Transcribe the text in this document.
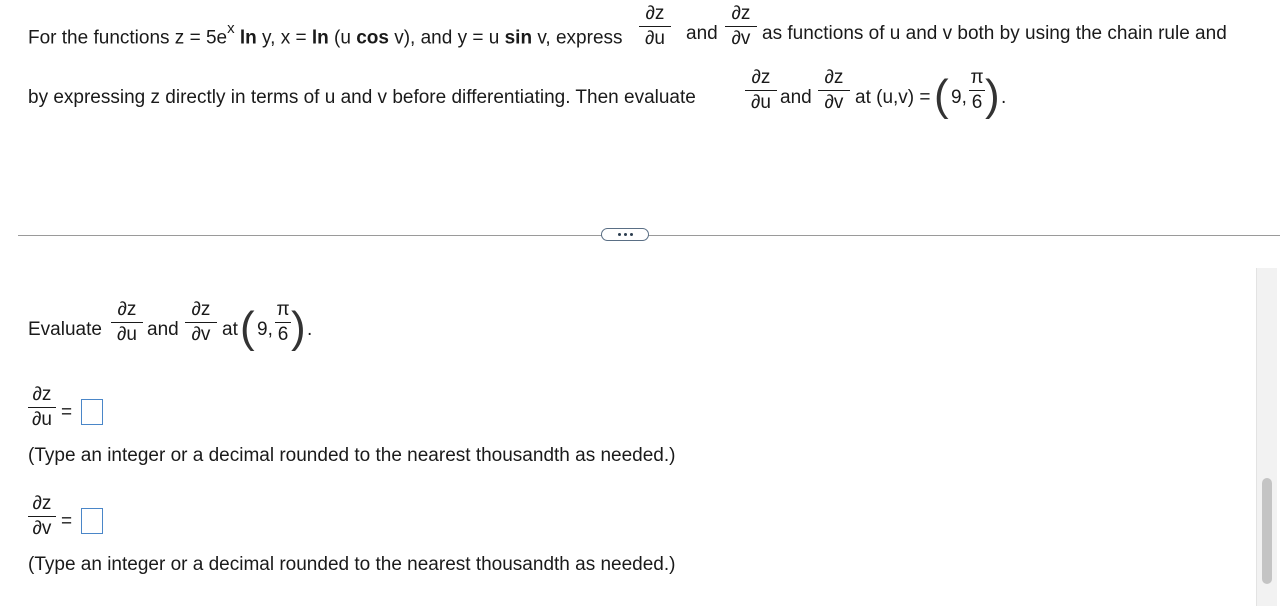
For the functions $z = 5e^x$ ln y, x = ln (u cos v), and y = u sin v, express
∂z
∂u	and
∂z
∂v as functions of u and v both by using the chain rule and
by expressing z directly in terms of u and v before differentiating. Then evaluate
∂z
∂u and
∂z
∂v at (u,v) = ( 9,
π
6 ) .
Evaluate
∂z
∂u and
∂z
∂v at ( 9,
π
6 ) .
∂z
∂u =
(Type an integer or a decimal rounded to the nearest thousandth as needed.)
∂z
∂v =
(Type an integer or a decimal rounded to the nearest thousandth as needed.)
